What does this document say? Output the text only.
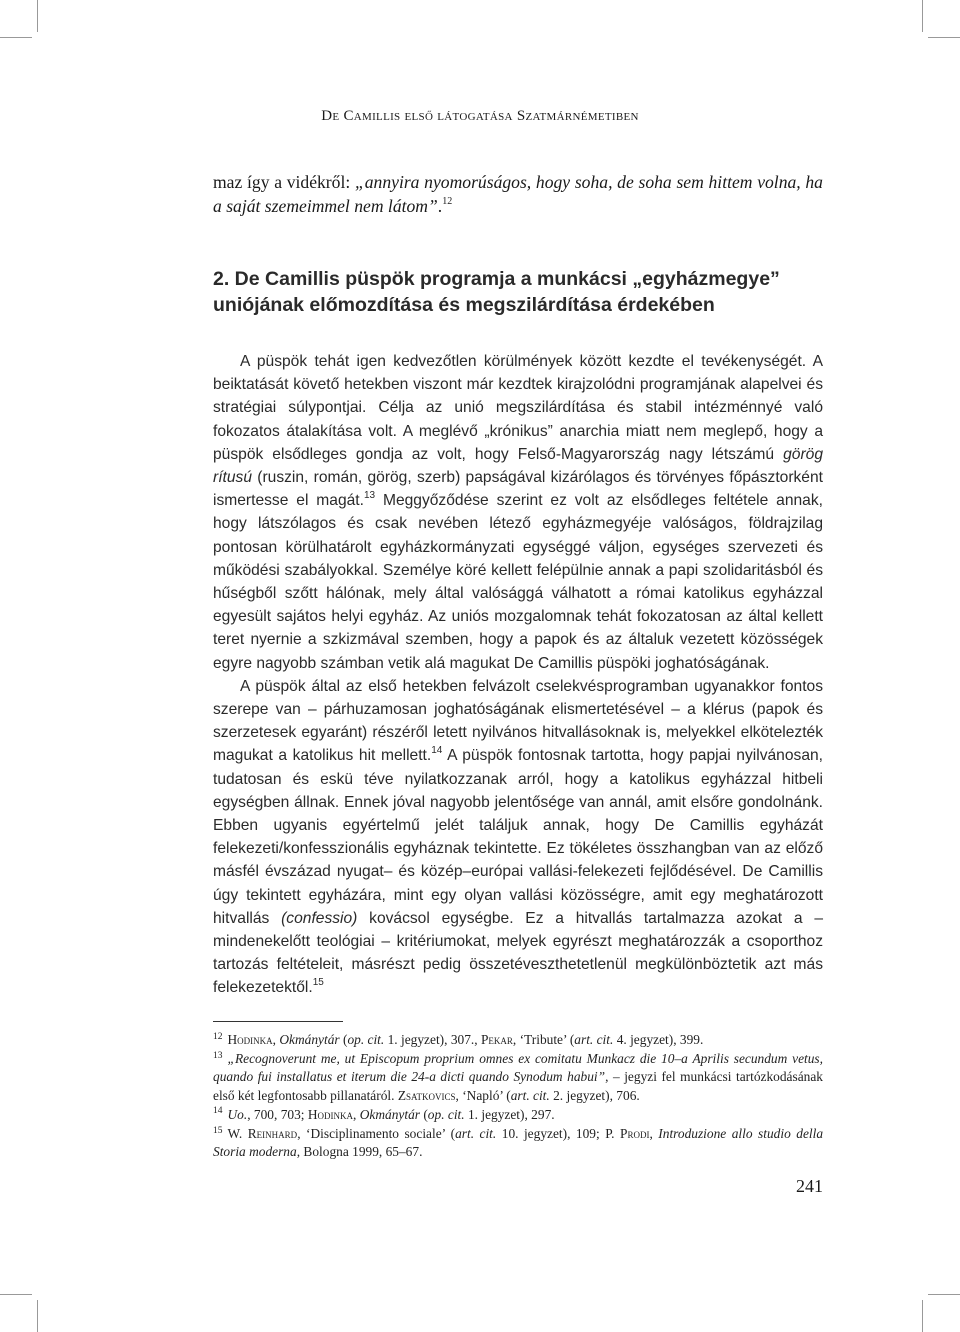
De Camillis első látogatása Szatmárnémetiben
maz így a vidékről: „annyira nyomorúságos, hogy soha, de soha sem hittem volna, ha a saját szemeimmel nem látom”.$^{12}$
2. De Camillis püspök programja a munkácsi „egyházmegye”
uniójának előmozdítása és megszilárdítása érdekében

A püspök tehát igen kedvezőtlen körülmények között kezdte el tevékenységét. A beiktatását követő hetekben viszont már kezdtek kirajzolódni programjának alapelvei és stratégiai súlypontjai. Célja az unió megszilárdítása és stabil intézménnyé való fokozatos átalakítása volt. A meglévő „krónikus” anarchia miatt nem meglepő, hogy a püspök elsődleges gondja az volt, hogy Felső-Magyarország nagy létszámú görög rítusú (ruszin, román, görög, szerb) papságával kizárólagos és törvényes főpásztorként ismertesse el magát.$^{13}$ Meggyőződése szerint ez volt az elsődleges feltétele annak, hogy látszólagos és csak nevében létező egyházmegyéje valóságos, földrajzilag pontosan körülhatárolt egyházkormányzati egységgé váljon, egységes szervezeti és működési szabályokkal. Személye köré kellett felépülnie annak a papi szolidaritásból és hűségből szőtt hálónak, mely által valósággá válhatott a római katolikus egyházzal egyesült sajátos helyi egyház. Az uniós mozgalomnak tehát fokozatosan az által kellett teret nyernie a szkizmával szemben, hogy a papok és az általuk vezetett közösségek egyre nagyobb számban vetik alá magukat De Camillis püspöki joghatóságának.

A püspök által az első hetekben felvázolt cselekvésprogramban ugyanakkor fontos szerepe van – párhuzamosan joghatóságának elismertetésével – a klérus (papok és szerzetesek egyaránt) részéről letett nyilvános hitvallásoknak is, melyekkel elkötelezték magukat a katolikus hit mellett.$^{14}$ A püspök fontosnak tartotta, hogy papjai nyilvánosan, tudatosan és eskü téve nyilatkozzanak arról, hogy a katolikus egyházzal hitbeli egységben állnak. Ennek jóval nagyobb jelentősége van annál, amit elsőre gondolnánk. Ebben ugyanis egyértelmű jelét találjuk annak, hogy De Camillis egyházát felekezeti/konfesszionális egyháznak tekintette. Ez tökéletes összhangban van az előző másfél évszázad nyugat– és közép–európai vallási-felekezeti fejlődésével. De Camillis úgy tekintett egyházára, mint egy olyan vallási közösségre, amit egy meghatározott hitvallás (confessio) kovácsol egységbe. Ez a hitvallás tartalmazza azokat a – mindenekelőtt teológiai – kritériumokat, melyek egyrészt meghatározzák a csoporthoz tartozás feltételeit, másrészt pedig összetéveszthetetlenül megkülönböztetik azt más felekezetektől.$^{15}$

$^{12}$ Hodinka, Okmánytár (op. cit. 1. jegyzet), 307., Pekar, ‘Tribute’ (art. cit. 4. jegyzet), 399.

$^{13}$ „Recognoverunt me, ut Episcopum proprium omnes ex comitatu Munkacz die 10–a Aprilis secundum vetus, quando fui installatus et iterum die 24-a dicti quando Synodum habui”, – jegyzi fel munkácsi tartózkodásának első két legfontosabb pillanatáról. Zsatkovics, ‘Napló’ (art. cit. 2. jegyzet), 706.

$^{14}$ Uo., 700, 703; Hodinka, Okmánytár (op. cit. 1. jegyzet), 297.

$^{15}$ W. Reinhard, ‘Disciplinamento sociale’ (art. cit. 10. jegyzet), 109; P. Prodi, Introduzione allo studio della Storia moderna, Bologna 1999, 65–67.

241
